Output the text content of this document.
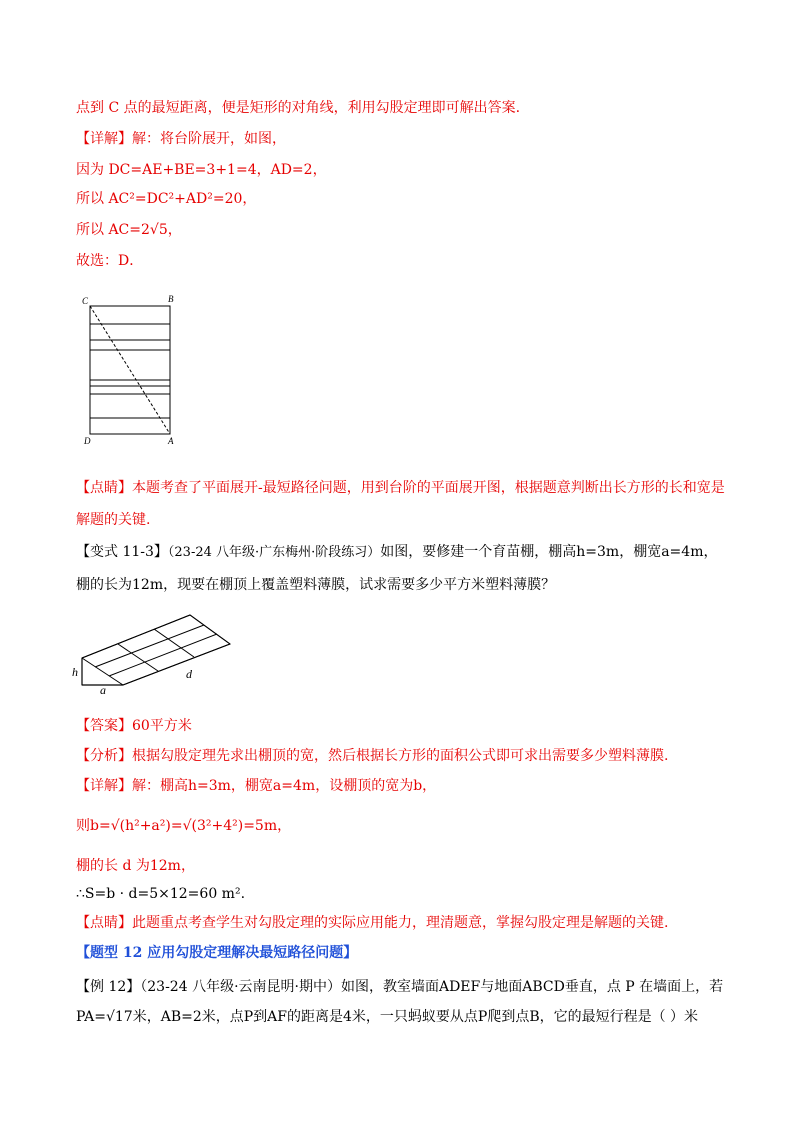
点到 C 点的最短距离，便是矩形的对角线，利用勾股定理即可解出答案.
【详解】解：将台阶展开，如图，
因为 DC=AE+BE=3+1=4，AD=2，
所以 AC²=DC²+AD²=20，
所以 AC=2√5，
故选：D．
C	B
D	A
【点睛】本题考查了平面展开-最短路径问题，用到台阶的平面展开图，根据题意判断出长方形的长和宽是
解题的关键.
【变式 11-3】（23-24 八年级·广东梅州·阶段练习）如图，要修建一个育苗棚，棚高h=3m，棚宽a=4m，
棚的长为12m，现要在棚顶上覆盖塑料薄膜，试求需要多少平方米塑料薄膜？
h
a
d
【答案】60平方米
【分析】根据勾股定理先求出棚顶的宽，然后根据长方形的面积公式即可求出需要多少塑料薄膜.
【详解】解：棚高h=3m，棚宽a=4m，设棚顶的宽为b，
则b=√(h²+a²)=√(3²+4²)=5m，
棚的长 d 为12m，
∴S=b · d=5×12=60 m².
【点睛】此题重点考查学生对勾股定理的实际应用能力，理清题意，掌握勾股定理是解题的关键.
【题型 12 应用勾股定理解决最短路径问题】
【例 12】（23-24 八年级·云南昆明·期中）如图，教室墙面ADEF与地面ABCD垂直，点 P 在墙面上，若
PA=√17米，AB=2米，点P到AF的距离是4米，一只蚂蚁要从点P爬到点B，它的最短行程是（ ）米
